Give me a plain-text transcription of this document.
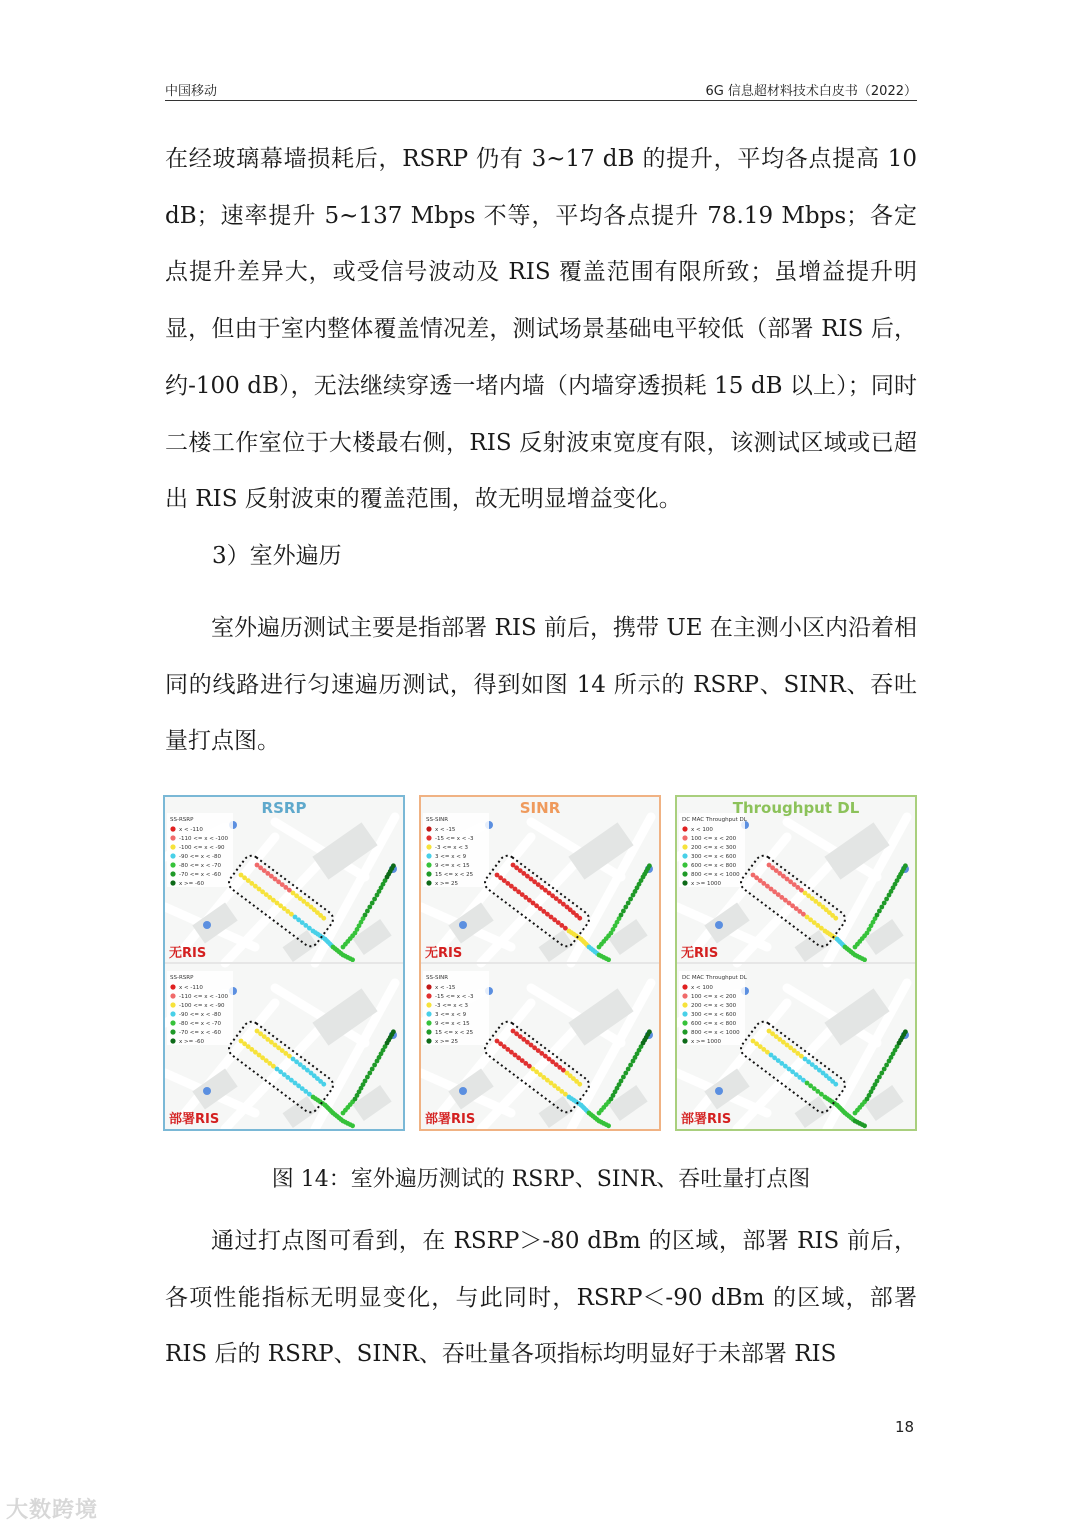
中国移动	6G 信息超材料技术白皮书（2022）

在经玻璃幕墙损耗后，RSRP 仍有 3~17 dB 的提升，平均各点提高 10 dB；速率提升 5~137 Mbps 不等，平均各点提升 78.19 Mbps；各定点提升差异大，或受信号波动及 RIS 覆盖范围有限所致；虽增益提升明显，但由于室内整体覆盖情况差，测试场景基础电平较低（部署 RIS 后，约-100 dB），无法继续穿透一堵内墙（内墙穿透损耗 15 dB 以上）；同时二楼工作室位于大楼最右侧，RIS 反射波束宽度有限，该测试区域或已超出 RIS 反射波束的覆盖范围，故无明显增益变化。

3）室外遍历

室外遍历测试主要是指部署 RIS 前后，携带 UE 在主测小区内沿着相同的线路进行匀速遍历测试，得到如图 14 所示的 RSRP、SINR、吞吐量打点图。

SS-RSRP
x < -110
-110 <= x < -100
-100 <= x < -90
-90 <= x < -80
-80 <= x < -70
-70 <= x < -60
x >= -60
无RIS
SS-RSRP
x < -110
-110 <= x < -100
-100 <= x < -90
-90 <= x < -80
-80 <= x < -70
-70 <= x < -60
x >= -60
部署RIS
RSRP
SS-SINR
x < -15
-15 <= x < -3
-3 <= x < 3
3 <= x < 9
9 <= x < 15
15 <= x < 25
x >= 25
无RIS
SS-SINR
x < -15
-15 <= x < -3
-3 <= x < 3
3 <= x < 9
9 <= x < 15
15 <= x < 25
x >= 25
部署RIS
SINR
DC MAC Throughput DL
x < 100
100 <= x < 200
200 <= x < 300
300 <= x < 600
600 <= x < 800
800 <= x < 1000
x >= 1000
无RIS
DC MAC Throughput DL
x < 100
100 <= x < 200
200 <= x < 300
300 <= x < 600
600 <= x < 800
800 <= x < 1000
x >= 1000
部署RIS
Throughput DL

图 14：室外遍历测试的 RSRP、SINR、吞吐量打点图

通过打点图可看到，在 RSRP＞-80 dBm 的区域，部署 RIS 前后，各项性能指标无明显变化，与此同时，RSRP＜-90 dBm 的区域，部署 RIS 后的 RSRP、SINR、吞吐量各项指标均明显好于未部署 RIS

18
大数跨境
